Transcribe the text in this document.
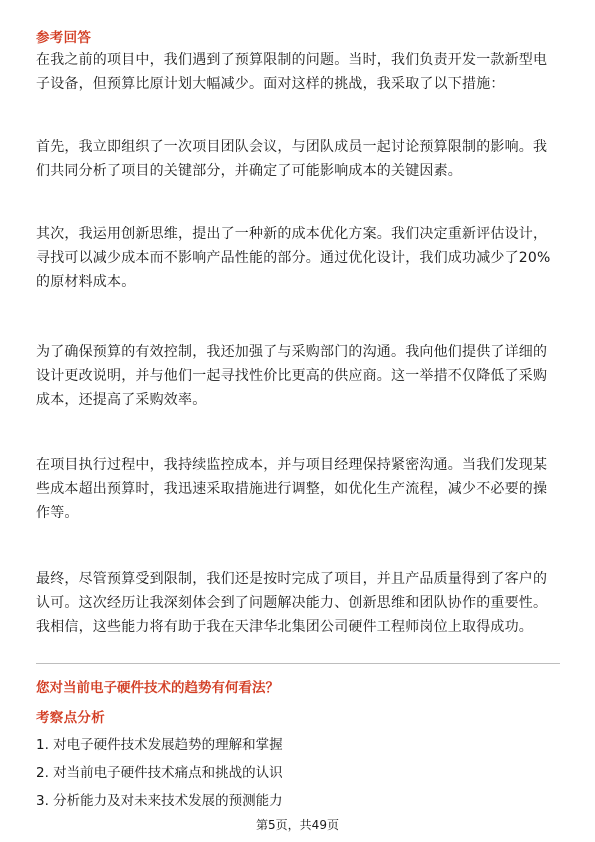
参考回答
在我之前的项目中，我们遇到了预算限制的问题。当时，我们负责开发一款新型电子设备，但预算比原计划大幅减少。面对这样的挑战，我采取了以下措施：
首先，我立即组织了一次项目团队会议，与团队成员一起讨论预算限制的影响。我们共同分析了项目的关键部分，并确定了可能影响成本的关键因素。
其次，我运用创新思维，提出了一种新的成本优化方案。我们决定重新评估设计，寻找可以减少成本而不影响产品性能的部分。通过优化设计，我们成功减少了20%的原材料成本。
为了确保预算的有效控制，我还加强了与采购部门的沟通。我向他们提供了详细的设计更改说明，并与他们一起寻找性价比更高的供应商。这一举措不仅降低了采购成本，还提高了采购效率。
在项目执行过程中，我持续监控成本，并与项目经理保持紧密沟通。当我们发现某些成本超出预算时，我迅速采取措施进行调整，如优化生产流程，减少不必要的操作等。
最终，尽管预算受到限制，我们还是按时完成了项目，并且产品质量得到了客户的认可。这次经历让我深刻体会到了问题解决能力、创新思维和团队协作的重要性。我相信，这些能力将有助于我在天津华北集团公司硬件工程师岗位上取得成功。
您对当前电子硬件技术的趋势有何看法？
考察点分析
1. 对电子硬件技术发展趋势的理解和掌握
2. 对当前电子硬件技术痛点和挑战的认识
3. 分析能力及对未来技术发展的预测能力
第5页，共49页
